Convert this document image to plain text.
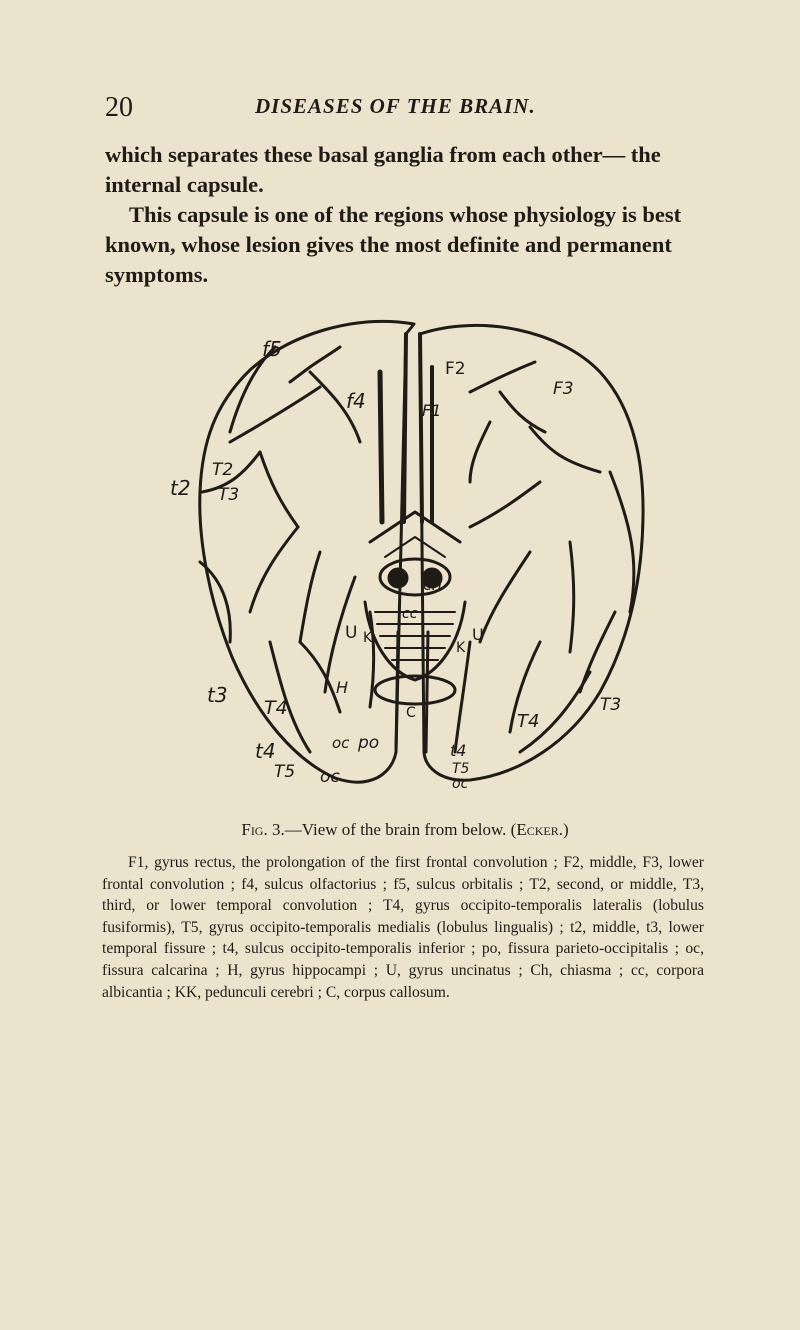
20	DISEASES OF THE BRAIN.

which separates these basal ganglia from each other— the internal capsule.

This capsule is one of the regions whose physiology is best known, whose lesion gives the most definite and permanent symptoms.

f5
f4
F2
F1
F3
T2
t2 T3
ch
cc
U	U
K
K
t3
T4
H
C	T3
T4
t4	oc po	t4
T5	T5
oc
oc
Fig. 3.—View of the brain from below. (Ecker.)

F1, gyrus rectus, the prolongation of the first frontal convolution ; F2, middle, F3, lower frontal convolution ; f4, sulcus olfactorius ; f5, sulcus orbitalis ; T2, second, or middle, T3, third, or lower temporal convolution ; T4, gyrus occipito-temporalis lateralis (lobulus fusiformis), T5, gyrus occipito-temporalis medialis (lobulus lingualis) ; t2, middle, t3, lower temporal fissure ; t4, sulcus occipito-temporalis inferior ; po, fissura parieto-occipitalis ; oc, fissura calcarina ; H, gyrus hippocampi ; U, gyrus uncinatus ; Ch, chiasma ; cc, corpora albicantia ; KK, pedunculi cerebri ; C, corpus callosum.
